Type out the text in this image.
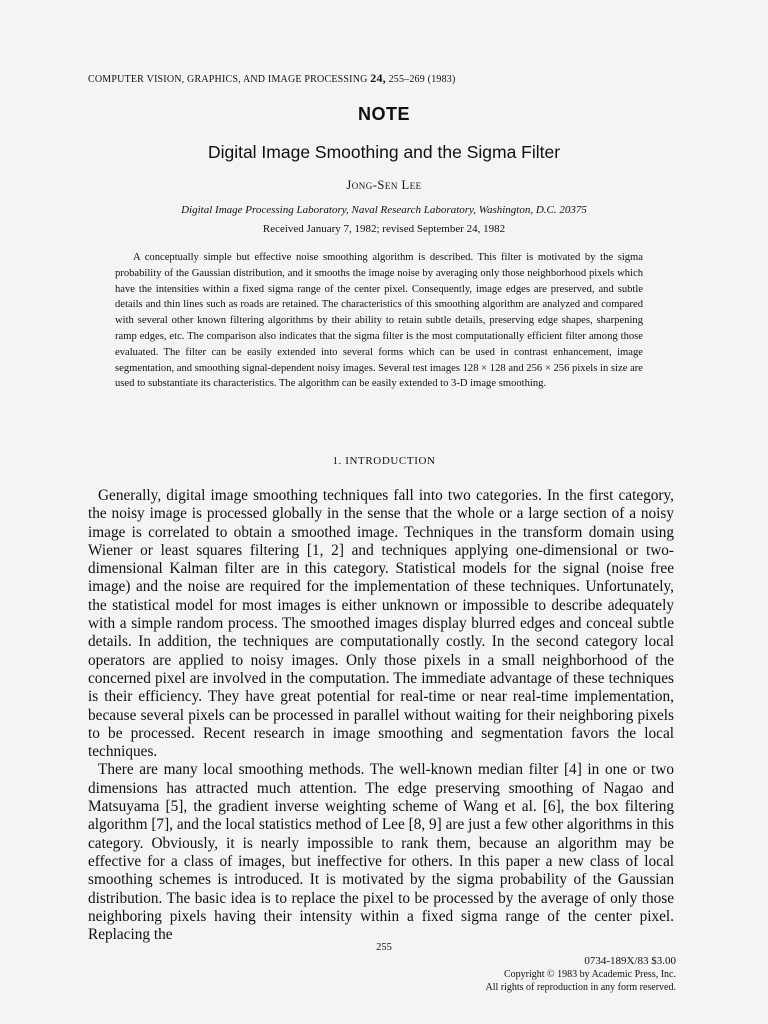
COMPUTER VISION, GRAPHICS, AND IMAGE PROCESSING 24, 255–269 (1983)
NOTE
Digital Image Smoothing and the Sigma Filter
Jong-Sen Lee
Digital Image Processing Laboratory, Naval Research Laboratory, Washington, D.C. 20375
Received January 7, 1982; revised September 24, 1982
A conceptually simple but effective noise smoothing algorithm is described. This filter is motivated by the sigma probability of the Gaussian distribution, and it smooths the image noise by averaging only those neighborhood pixels which have the intensities within a fixed sigma range of the center pixel. Consequently, image edges are preserved, and subtle details and thin lines such as roads are retained. The characteristics of this smoothing algorithm are analyzed and compared with several other known filtering algorithms by their ability to retain subtle details, preserving edge shapes, sharpening ramp edges, etc. The comparison also indicates that the sigma filter is the most computationally efficient filter among those evaluated. The filter can be easily extended into several forms which can be used in contrast enhancement, image segmentation, and smoothing signal-dependent noisy images. Several test images 128 × 128 and 256 × 256 pixels in size are used to substantiate its characteristics. The algorithm can be easily extended to 3-D image smoothing.
1. INTRODUCTION

Generally, digital image smoothing techniques fall into two categories. In the first category, the noisy image is processed globally in the sense that the whole or a large section of a noisy image is correlated to obtain a smoothed image. Techniques in the transform domain using Wiener or least squares filtering [1, 2] and techniques applying one-dimensional or two-dimensional Kalman filter are in this category. Statistical models for the signal (noise free image) and the noise are required for the implementation of these techniques. Unfortunately, the statistical model for most images is either unknown or impossible to describe adequately with a simple random process. The smoothed images display blurred edges and conceal subtle details. In addition, the techniques are computationally costly. In the second category local operators are applied to noisy images. Only those pixels in a small neighborhood of the concerned pixel are involved in the computation. The immediate advantage of these techniques is their efficiency. They have great potential for real-time or near real-time implementation, because several pixels can be processed in parallel without waiting for their neighboring pixels to be processed. Recent research in image smoothing and segmentation favors the local techniques.

There are many local smoothing methods. The well-known median filter [4] in one or two dimensions has attracted much attention. The edge preserving smoothing of Nagao and Matsuyama [5], the gradient inverse weighting scheme of Wang et al. [6], the box filtering algorithm [7], and the local statistics method of Lee [8, 9] are just a few other algorithms in this category. Obviously, it is nearly impossible to rank them, because an algorithm may be effective for a class of images, but ineffective for others. In this paper a new class of local smoothing schemes is introduced. It is motivated by the sigma probability of the Gaussian distribution. The basic idea is to replace the pixel to be processed by the average of only those neighboring pixels having their intensity within a fixed sigma range of the center pixel. Replacing the

255
0734-189X/83 $3.00
Copyright © 1983 by Academic Press, Inc.
All rights of reproduction in any form reserved.
